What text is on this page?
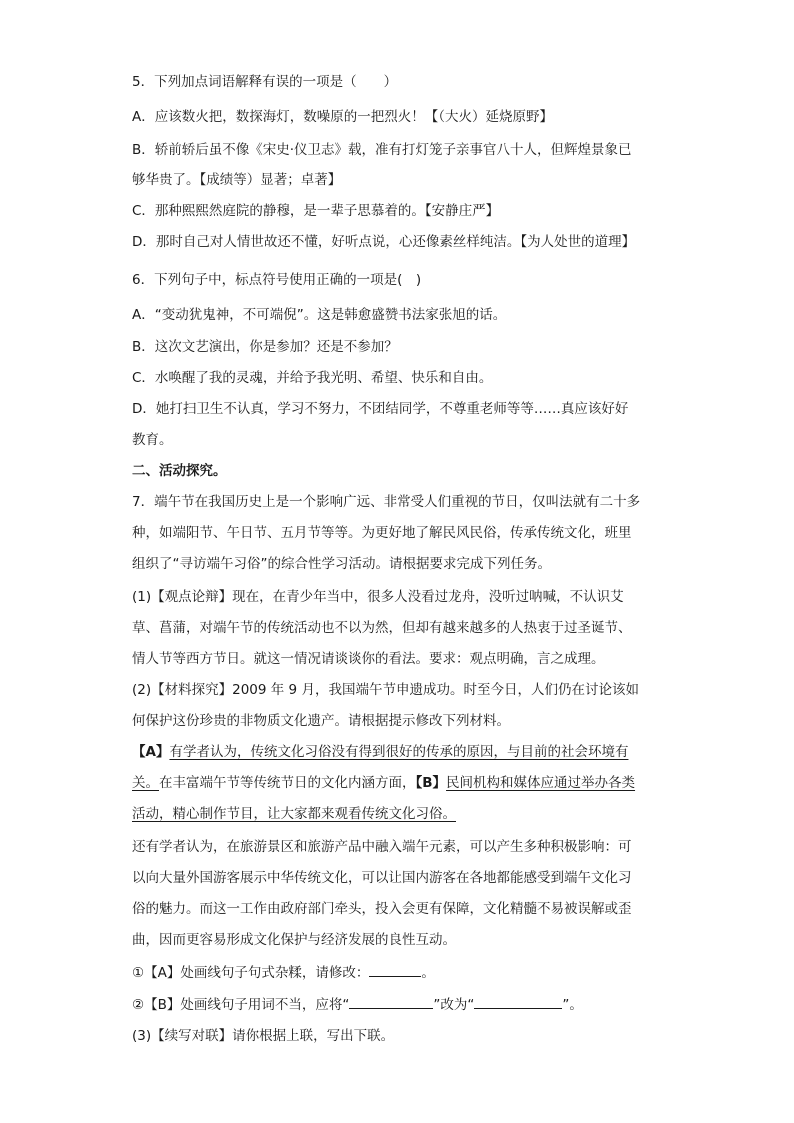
5．下列加点词语解释有误的一项是（　　）
A．应该数火把，数探海灯，数噪原的一把烈火！【（大火）延烧原野】
B．轿前轿后虽不像《宋史·仪卫志》载，准有打灯笼子亲事官八十人，但辉煌景象已
够华贵了。【成绩等）显著；卓著】
C．那种熙熙然庭院的静穆，是一辈子思慕着的。【安静庄严】
D．那时自己对人情世故还不懂，好听点说，心还像素丝样纯洁。【为人处世的道理】
6．下列句子中，标点符号使用正确的一项是(　)
A．“变动犹鬼神，不可端倪”。这是韩愈盛赞书法家张旭的话。
B．这次文艺演出，你是参加？还是不参加？
C．水唤醒了我的灵魂，并给予我光明、希望、快乐和自由。
D．她打扫卫生不认真，学习不努力，不团结同学，不尊重老师等等……真应该好好
教育。
二、活动探究。
7．端午节在我国历史上是一个影响广远、非常受人们重视的节日，仅叫法就有二十多
种，如端阳节、午日节、五月节等等。为更好地了解民风民俗，传承传统文化，班里
组织了“寻访端午习俗”的综合性学习活动。请根据要求完成下列任务。
(1)【观点论辩】现在，在青少年当中，很多人没看过龙舟，没听过呐喊，不认识艾
草、菖蒲，对端午节的传统活动也不以为然，但却有越来越多的人热衷于过圣诞节、
情人节等西方节日。就这一情况请谈谈你的看法。要求：观点明确，言之成理。
(2)【材料探究】2009 年 9 月，我国端午节申遗成功。时至今日，人们仍在讨论该如
何保护这份珍贵的非物质文化遗产。请根据提示修改下列材料。
【A】有学者认为，传统文化习俗没有得到很好的传承的原因，与目前的社会环境有
关。在丰富端午节等传统节日的文化内涵方面，【B】民间机构和媒体应通过举办各类
活动，精心制作节目，让大家都来观看传统文化习俗。
还有学者认为，在旅游景区和旅游产品中融入端午元素，可以产生多种积极影响：可
以向大量外国游客展示中华传统文化，可以让国内游客在各地都能感受到端午文化习
俗的魅力。而这一工作由政府部门牵头，投入会更有保障，文化精髓不易被误解或歪
曲，因而更容易形成文化保护与经济发展的良性互动。
①【A】处画线句子句式杂糅，请修改：	。
②【B】处画线句子用词不当，应将“	”改为“	”。
(3)【续写对联】请你根据上联，写出下联。
